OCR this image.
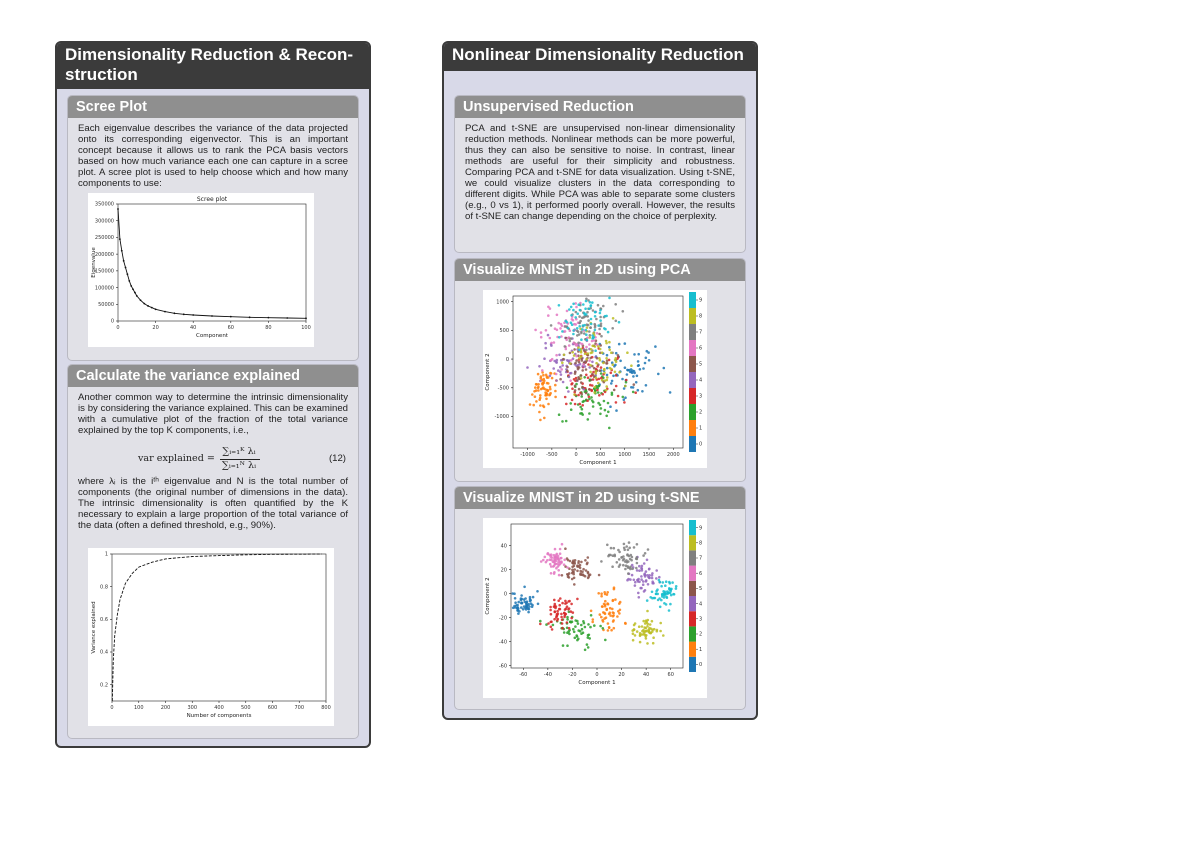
Dimensionality Reduction & Recon-
struction
Scree Plot
Each eigenvalue describes the variance of the data projected onto its corresponding eigenvector. This is an important concept because it allows us to rank the PCA basis vectors based on how much variance each one can capture in a scree plot. A scree plot is used to help choose which and how many components to use:
0	20	40	60	80	100
0
50000
100000
150000
200000
250000
300000
350000
Component
Eigenvalue
Scree plot
Calculate the variance explained
Another common way to determine the intrinsic dimensionality is by considering the variance explained. This can be examined with a cumulative plot of the fraction of the total variance explained by the top K components, i.e.,
var explained =
∑ᵢ₌₁ᴷ λᵢ
∑ᵢ₌₁ᴺ λᵢ
(12)
where λᵢ is the iᵗʰ eigenvalue and N is the total number of components (the original number of dimensions in the data). The intrinsic dimensionality is often quantified by the K necessary to explain a large proportion of the total variance of the data (often a defined threshold, e.g., 90%).
0	100	200	300	400	500	600	700	800
0.2
0.4
0.6
0.8
1
Number of components
Variance explained
Nonlinear Dimensionality Reduction
Unsupervised Reduction
PCA and t-SNE are unsupervised non-linear dimensionality reduction methods. Nonlinear methods can be more powerful, thus they can also be sensitive to noise. In contrast, linear methods are useful for their simplicity and robustness. Comparing PCA and t-SNE for data visualization. Using t-SNE, we could visualize clusters in the data corresponding to different digits. While PCA was able to separate some clusters (e.g., 0 vs 1), it performed poorly overall. However, the results of t-SNE can change depending on the choice of perplexity.
Visualize MNIST in 2D using PCA
-1000 -500	0	500	1000 1500 2000
-1000
-500
0
500
1000
Component 1
Component 2
0
1
2
3
4
5
6
7
8
9
Visualize MNIST in 2D using t-SNE
-60	-40	-20	0	20	40	60
-60
-40
-20
0
20
40
Component 1
Component 2
0
1
2
3
4
5
6
7
8
9
